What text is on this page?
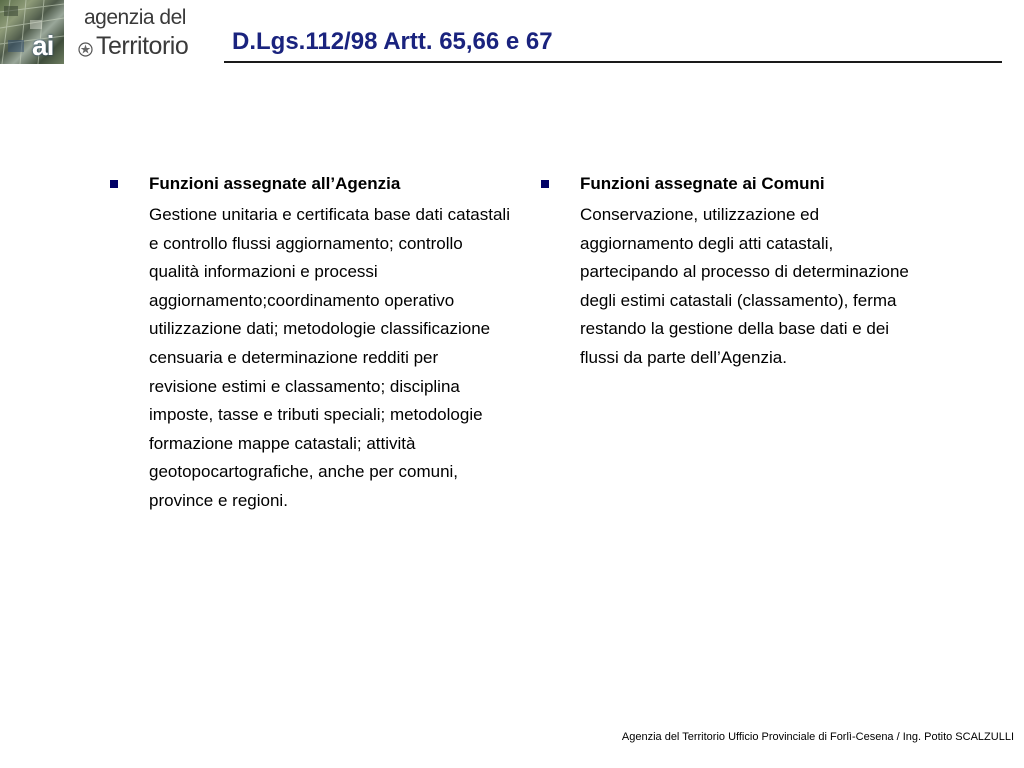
ai
agenzia del
Territorio D.Lgs.112/98 Artt. 65,66 e 67

Funzioni assegnate all’Agenzia

Gestione unitaria e certificata base dati catastali e controllo flussi aggiornamento; controllo qualità informazioni e processi aggiornamento;coordinamento operativo utilizzazione dati; metodologie classificazione censuaria e determinazione redditi per revisione estimi e classamento; disciplina imposte, tasse e tributi speciali; metodologie formazione mappe catastali; attività geotopocartografiche, anche per comuni, province e regioni.

Funzioni assegnate ai Comuni

Conservazione, utilizzazione ed aggiornamento degli atti catastali, partecipando al processo di determinazione degli estimi catastali (classamento), ferma restando la gestione della base dati e dei flussi da parte dell’Agenzia.

Agenzia del Territorio Ufficio Provinciale di Forlì-Cesena / Ing. Potito SCALZULLI
